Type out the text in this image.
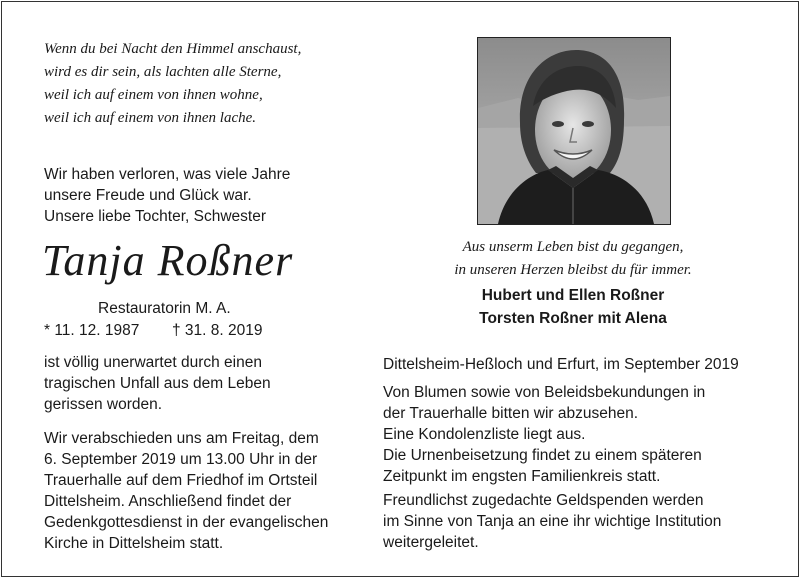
Wenn du bei Nacht den Himmel anschaust,
wird es dir sein, als lachten alle Sterne,
weil ich auf einem von ihnen wohne,
weil ich auf einem von ihnen lache.
Wir haben verloren, was viele Jahre
unsere Freude und Glück war.
Unsere liebe Tochter, Schwester
Tanja Roßner
Restauratorin M. A.
* 11. 12. 1987 † 31. 8. 2019
ist völlig unerwartet durch einen
tragischen Unfall aus dem Leben
gerissen worden.
Wir verabschieden uns am Freitag, dem
6. September 2019 um 13.00 Uhr in der
Trauerhalle auf dem Friedhof im Ortsteil
Dittelsheim. Anschließend findet der
Gedenkgottesdienst in der evangelischen
Kirche in Dittelsheim statt.
Aus unserm Leben bist du gegangen,
in unseren Herzen bleibst du für immer.
Hubert und Ellen Roßner
Torsten Roßner mit Alena
Dittelsheim-Heßloch und Erfurt, im September 2019
Von Blumen sowie von Beleidsbekundungen in
der Trauerhalle bitten wir abzusehen.
Eine Kondolenzliste liegt aus.
Die Urnenbeisetzung findet zu einem späteren
Zeitpunkt im engsten Familienkreis statt.
Freundlichst zugedachte Geldspenden werden
im Sinne von Tanja an eine ihr wichtige Institution
weitergeleitet.
